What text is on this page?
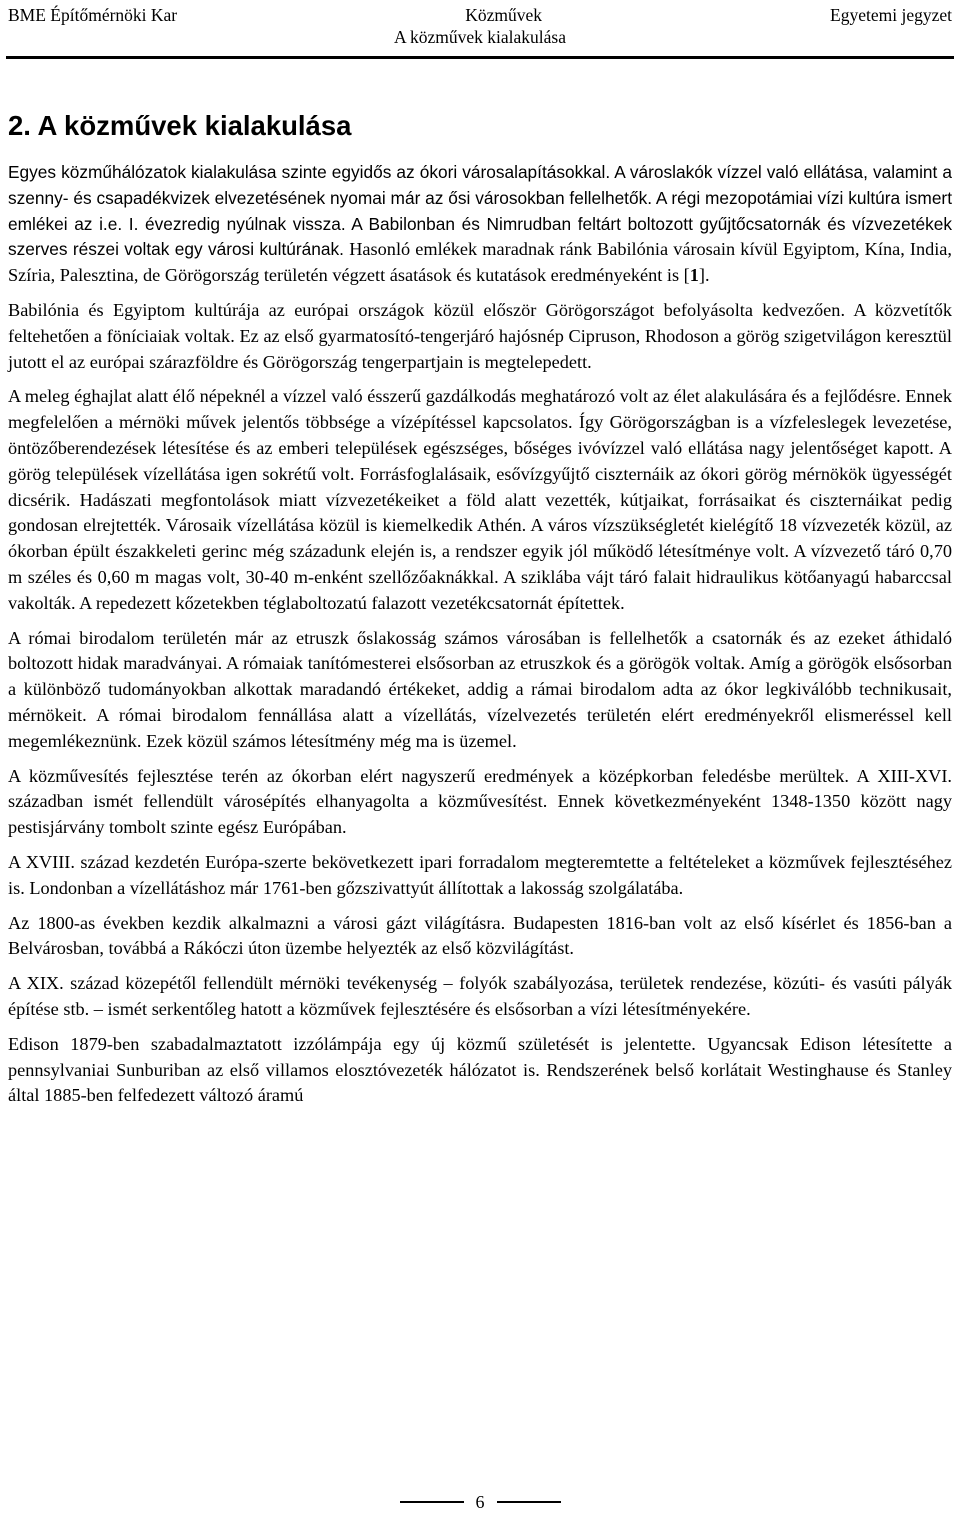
BME Építőmérnöki Kar	Közművek	Egyetemi jegyzet
A közművek kialakulása
2. A közművek kialakulása

Egyes közműhálózatok kialakulása szinte egyidős az ókori városalapításokkal. A városlakók vízzel való ellátása, valamint a szenny- és csapadékvizek elvezetésének nyomai már az ősi városokban fellelhetők. A régi mezopotámiai vízi kultúra ismert emlékei az i.e. I. évezredig nyúlnak vissza. A Babilonban és Nimrudban feltárt boltozott gyűjtőcsatornák és vízvezetékek szerves részei voltak egy városi kultúrának. Hasonló emlékek maradnak ránk Babilónia városain kívül Egyiptom, Kína, India, Szíria, Palesztina, de Görögország területén végzett ásatások és kutatások eredményeként is [1].

Babilónia és Egyiptom kultúrája az európai országok közül először Görögországot befolyásolta kedvezően. A közvetítők feltehetően a föníciaiak voltak. Ez az első gyarmatosító-tengerjáró hajósnép Cipruson, Rhodoson a görög szigetvilágon keresztül jutott el az európai szárazföldre és Görögország tengerpartjain is megtelepedett.

A meleg éghajlat alatt élő népeknél a vízzel való ésszerű gazdálkodás meghatározó volt az élet alakulására és a fejlődésre. Ennek megfelelően a mérnöki művek jelentős többsége a vízépítéssel kapcsolatos. Így Görögországban is a vízfeleslegek levezetése, öntözőberendezések létesítése és az emberi települések egészséges, bőséges ivóvízzel való ellátása nagy jelentőséget kapott. A görög települések vízellátása igen sokrétű volt. Forrásfoglalásaik, esővízgyűjtő ciszternáik az ókori görög mérnökök ügyességét dicsérik. Hadászati megfontolások miatt vízvezetékeiket a föld alatt vezették, kútjaikat, forrásaikat és ciszternáikat pedig gondosan elrejtették. Városaik vízellátása közül is kiemelkedik Athén. A város vízszükségletét kielégítő 18 vízvezeték közül, az ókorban épült északkeleti gerinc még századunk elején is, a rendszer egyik jól működő létesítménye volt. A vízvezető táró 0,70 m széles és 0,60 m magas volt, 30-40 m-enként szellőzőaknákkal. A sziklába vájt táró falait hidraulikus kötőanyagú habarccsal vakolták. A repedezett kőzetekben téglaboltozatú falazott vezetékcsatornát építettek.

A római birodalom területén már az etruszk őslakosság számos városában is fellelhetők a csatornák és az ezeket áthidaló boltozott hidak maradványai. A rómaiak tanítómesterei elsősorban az etruszkok és a görögök voltak. Amíg a görögök elsősorban a különböző tudományokban alkottak maradandó értékeket, addig a rámai birodalom adta az ókor legkiválóbb technikusait, mérnökeit. A római birodalom fennállása alatt a vízellátás, vízelvezetés területén elért eredményekről elismeréssel kell megemlékeznünk. Ezek közül számos létesítmény még ma is üzemel.

A közművesítés fejlesztése terén az ókorban elért nagyszerű eredmények a középkorban feledésbe merültek. A XIII-XVI. században ismét fellendült városépítés elhanyagolta a közművesítést. Ennek következményeként 1348-1350 között nagy pestisjárvány tombolt szinte egész Európában.

A XVIII. század kezdetén Európa-szerte bekövetkezett ipari forradalom megteremtette a feltételeket a közművek fejlesztéséhez is. Londonban a vízellátáshoz már 1761-ben gőzszivattyút állítottak a lakosság szolgálatába.

Az 1800-as években kezdik alkalmazni a városi gázt világításra. Budapesten 1816-ban volt az első kísérlet és 1856-ban a Belvárosban, továbbá a Rákóczi úton üzembe helyezték az első közvilágítást.

A XIX. század közepétől fellendült mérnöki tevékenység – folyók szabályozása, területek rendezése, közúti- és vasúti pályák építése stb. – ismét serkentőleg hatott a közművek fejlesztésére és elsősorban a vízi létesítményekére.

Edison 1879-ben szabadalmaztatott izzólámpája egy új közmű születését is jelentette. Ugyancsak Edison létesítette a pennsylvaniai Sunburiban az első villamos elosztóvezeték hálózatot is. Rendszerének belső korlátait Westinghause és Stanley által 1885-ben felfedezett változó áramú

6
